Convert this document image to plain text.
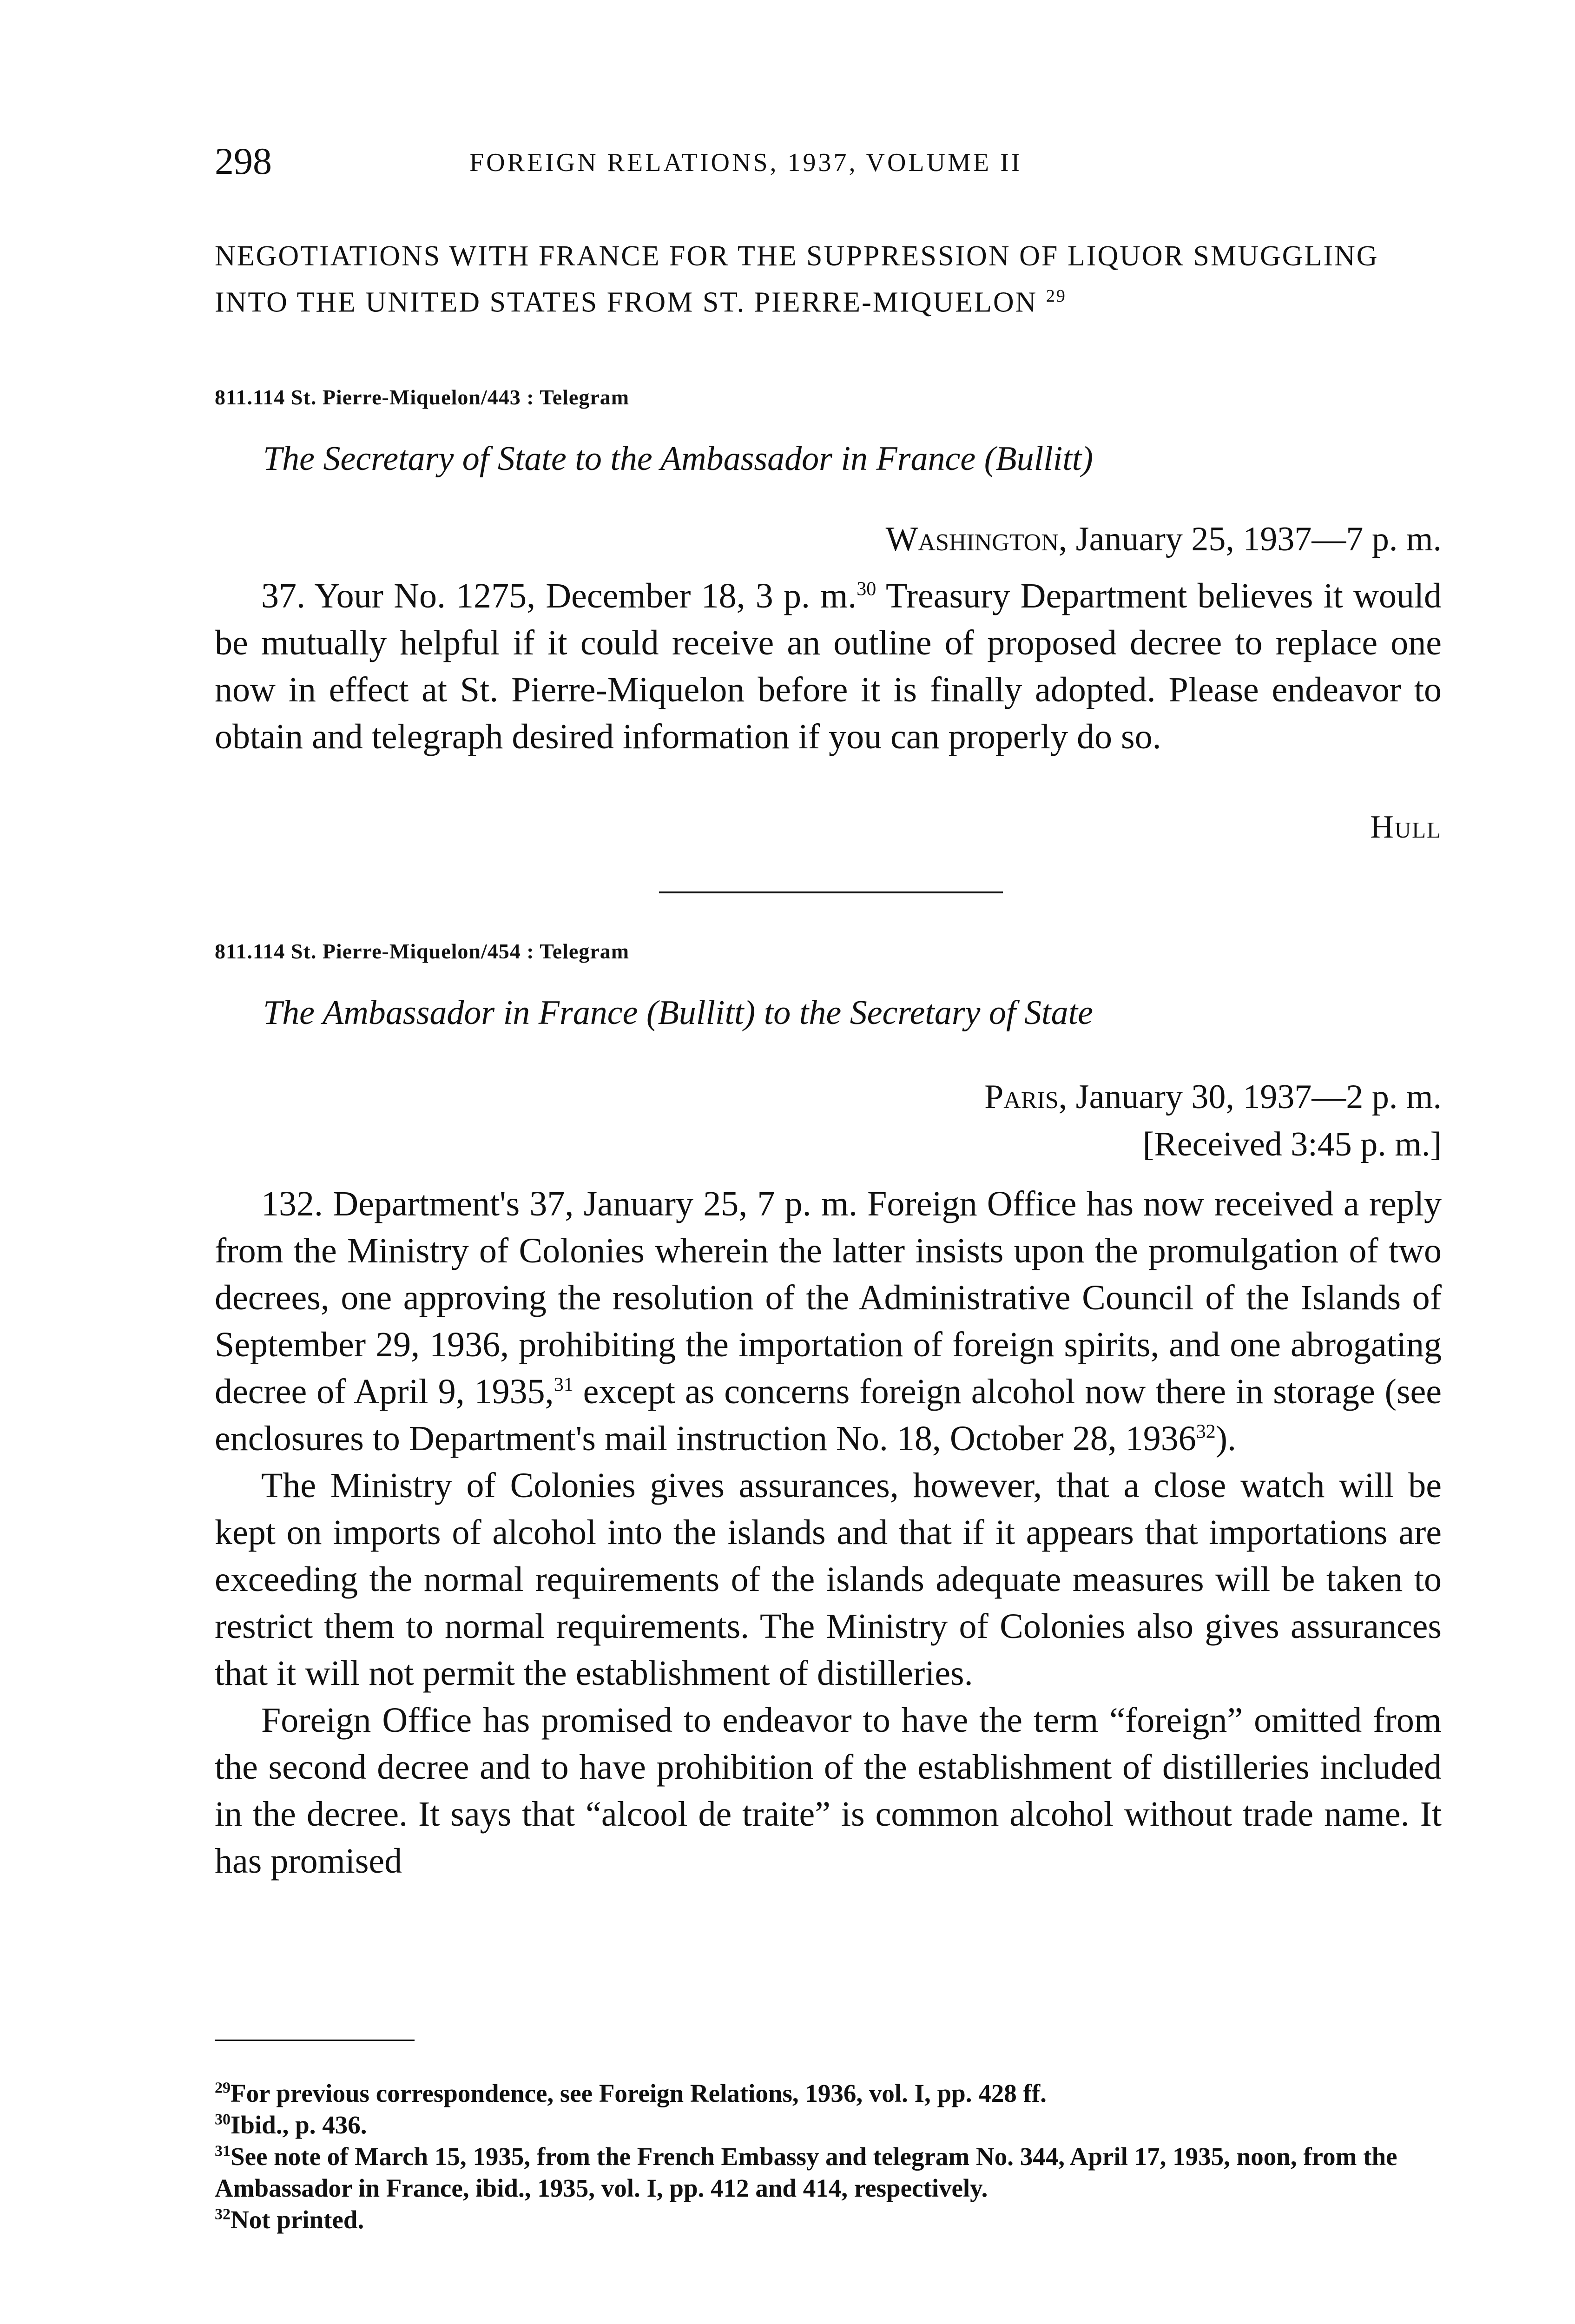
298	FOREIGN RELATIONS, 1937, VOLUME II
NEGOTIATIONS WITH FRANCE FOR THE SUPPRESSION OF LIQUOR SMUGGLING INTO THE UNITED STATES FROM ST. PIERRE-MIQUELON $^{29}$
811.114 St. Pierre-Miquelon/443 : Telegram
The Secretary of State to the Ambassador in France (Bullitt)
Washington, January 25, 1937—7 p. m.

37. Your No. 1275, December 18, 3 p. m.$^{30}$ Treasury Department believes it would be mutually helpful if it could receive an outline of proposed decree to replace one now in effect at St. Pierre-Miquelon before it is finally adopted. Please endeavor to obtain and telegraph desired information if you can properly do so.

Hull
811.114 St. Pierre-Miquelon/454 : Telegram
The Ambassador in France (Bullitt) to the Secretary of State
Paris, January 30, 1937—2 p. m.
[Received 3:45 p. m.]

132. Department's 37, January 25, 7 p. m. Foreign Office has now received a reply from the Ministry of Colonies wherein the latter insists upon the promulgation of two decrees, one approving the resolution of the Administrative Council of the Islands of September 29, 1936, prohibiting the importation of foreign spirits, and one abrogating decree of April 9, 1935,31 except as concerns foreign alcohol now there in storage (see enclosures to Department's mail instruction No. 18, October 28, 1936$^{32}$).

The Ministry of Colonies gives assurances, however, that a close watch will be kept on imports of alcohol into the islands and that if it appears that importations are exceeding the normal requirements of the islands adequate measures will be taken to restrict them to normal requirements. The Ministry of Colonies also gives assurances that it will not permit the establishment of distilleries.

Foreign Office has promised to endeavor to have the term “foreign” omitted from the second decree and to have prohibition of the establishment of distilleries included in the decree. It says that “alcool de traite” is common alcohol without trade name. It has promised

$^{29}$For previous correspondence, see Foreign Relations, 1936, vol. I, pp. 428 ff.
$^{30}$Ibid., p. 436.
$^{31}$See note of March 15, 1935, from the French Embassy and telegram No. 344, April 17, 1935, noon, from the Ambassador in France, ibid., 1935, vol. I, pp. 412 and 414, respectively.
$^{32}$Not printed.
